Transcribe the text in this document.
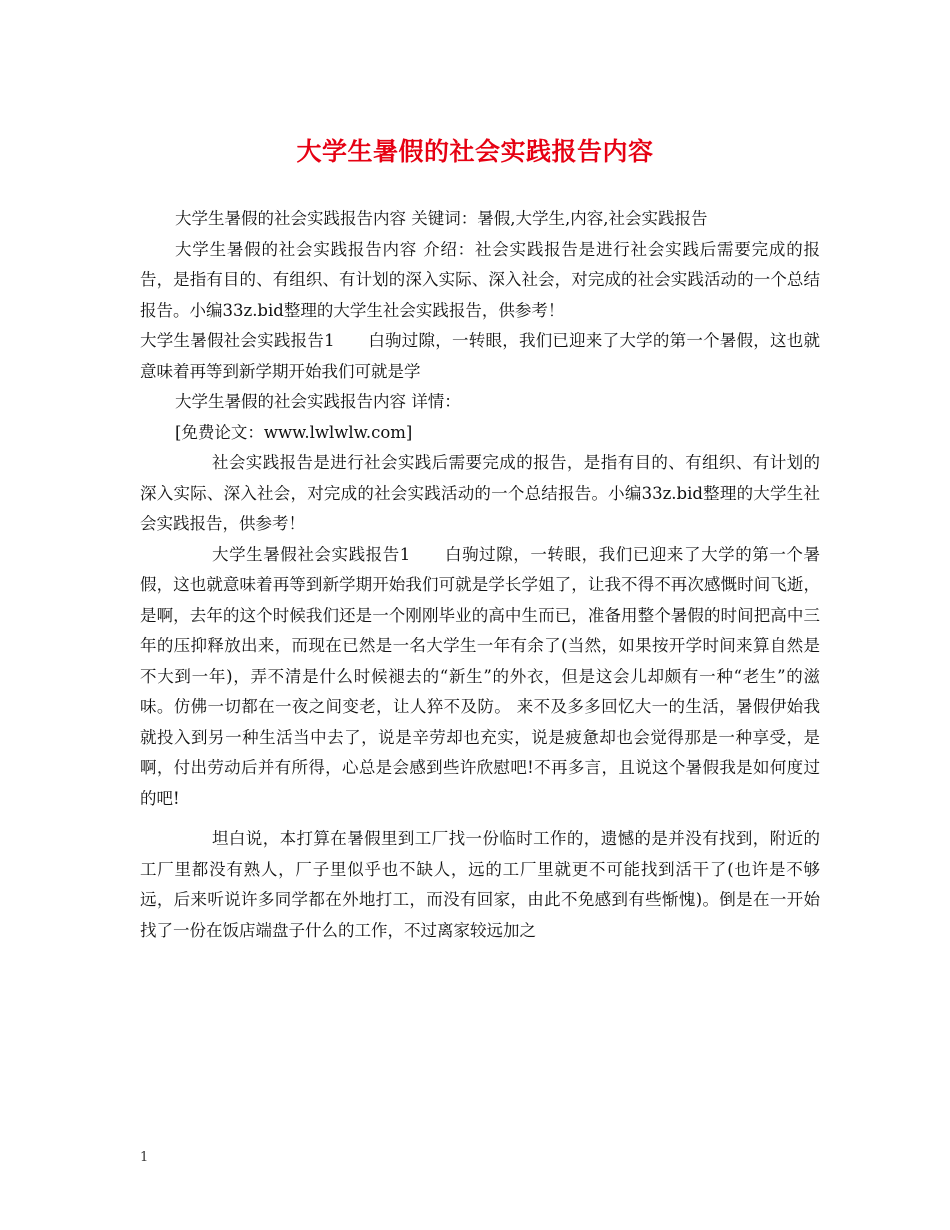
大学生暑假的社会实践报告内容

大学生暑假的社会实践报告内容 关键词：暑假,大学生,内容,社会实践报告

大学生暑假的社会实践报告内容 介绍：社会实践报告是进行社会实践后需要完成的报告，是指有目的、有组织、有计划的深入实际、深入社会，对完成的社会实践活动的一个总结报告。小编33z.bid整理的大学生社会实践报告，供参考！

大学生暑假社会实践报告1　　白驹过隙，一转眼，我们已迎来了大学的第一个暑假，这也就意味着再等到新学期开始我们可就是学

大学生暑假的社会实践报告内容 详情：

[免费论文：www.lwlwlw.com]

社会实践报告是进行社会实践后需要完成的报告，是指有目的、有组织、有计划的深入实际、深入社会，对完成的社会实践活动的一个总结报告。小编33z.bid整理的大学生社会实践报告，供参考！

大学生暑假社会实践报告1　　白驹过隙，一转眼，我们已迎来了大学的第一个暑假，这也就意味着再等到新学期开始我们可就是学长学姐了，让我不得不再次感慨时间飞逝，是啊，去年的这个时候我们还是一个刚刚毕业的高中生而已，准备用整个暑假的时间把高中三年的压抑释放出来，而现在已然是一名大学生一年有余了(当然，如果按开学时间来算自然是不大到一年)，弄不清是什么时候褪去的“新生”的外衣，但是这会儿却颇有一种“老生”的滋味。仿佛一切都在一夜之间变老，让人猝不及防。 来不及多多回忆大一的生活，暑假伊始我就投入到另一种生活当中去了，说是辛劳却也充实，说是疲惫却也会觉得那是一种享受，是啊，付出劳动后并有所得，心总是会感到些许欣慰吧!不再多言，且说这个暑假我是如何度过的吧!

坦白说，本打算在暑假里到工厂找一份临时工作的，遗憾的是并没有找到，附近的工厂里都没有熟人，厂子里似乎也不缺人，远的工厂里就更不可能找到活干了(也许是不够远，后来听说许多同学都在外地打工，而没有回家，由此不免感到有些惭愧)。倒是在一开始找了一份在饭店端盘子什么的工作，不过离家较远加之

1
